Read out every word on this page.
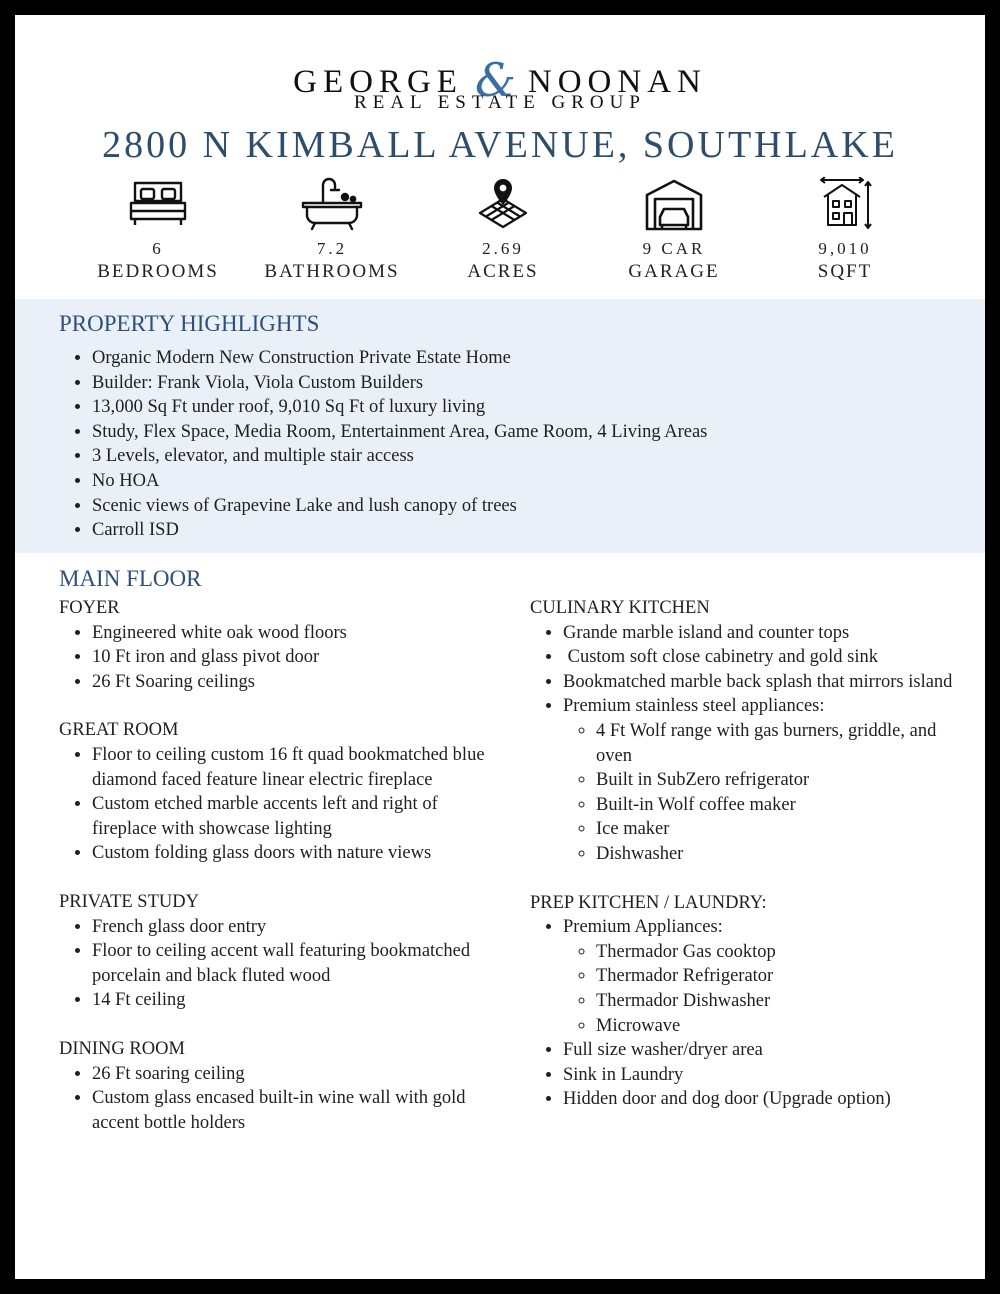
GEORGE & NOONAN
REAL ESTATE GROUP
2800 N KIMBALL AVENUE, SOUTHLAKE
6
BEDROOMS
7.2
BATHROOMS
2.69
ACRES
9 CAR
GARAGE
9,010
SQFT
PROPERTY HIGHLIGHTS
• Organic Modern New Construction Private Estate Home
• Builder: Frank Viola, Viola Custom Builders
• 13,000 Sq Ft under roof, 9,010 Sq Ft of luxury living
• Study, Flex Space, Media Room, Entertainment Area, Game Room, 4 Living Areas
• 3 Levels, elevator, and multiple stair access
• No HOA
• Scenic views of Grapevine Lake and lush canopy of trees
• Carroll ISD
MAIN FLOOR
FOYER
• Engineered white oak wood floors
• 10 Ft iron and glass pivot door
• 26 Ft Soaring ceilings
GREAT ROOM
• Floor to ceiling custom 16 ft quad bookmatched blue diamond faced feature linear electric fireplace
• Custom etched marble accents left and right of fireplace with showcase lighting
• Custom folding glass doors with nature views
PRIVATE STUDY
• French glass door entry
• Floor to ceiling accent wall featuring bookmatched porcelain and black fluted wood
• 14 Ft ceiling
DINING ROOM
• 26 Ft soaring ceiling
• Custom glass encased built-in wine wall with gold accent bottle holders
CULINARY KITCHEN
• Grande marble island and counter tops
•  Custom soft close cabinetry and gold sink
• Bookmatched marble back splash that mirrors island
• Premium stainless steel appliances:
◦ 4 Ft Wolf range with gas burners, griddle, and oven
◦ Built in SubZero refrigerator
◦ Built-in Wolf coffee maker
◦ Ice maker
◦ Dishwasher
PREP KITCHEN / LAUNDRY:
• Premium Appliances:
◦ Thermador Gas cooktop
◦ Thermador Refrigerator
◦ Thermador Dishwasher
◦ Microwave
• Full size washer/dryer area
• Sink in Laundry
• Hidden door and dog door (Upgrade option)
